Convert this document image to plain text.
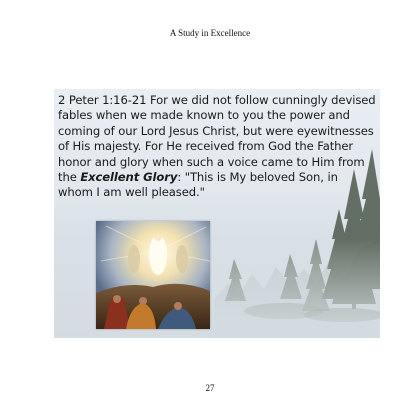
A Study in Excellence
2 Peter 1:16-21 For we did not follow cunningly devised fables when we made known to you the power and coming of our Lord Jesus Christ, but were eyewitnesses of His majesty. For He received from God the Father honor and glory when such a voice came to Him from the Excellent Glory: "This is My beloved Son, in whom I am well pleased."
27
